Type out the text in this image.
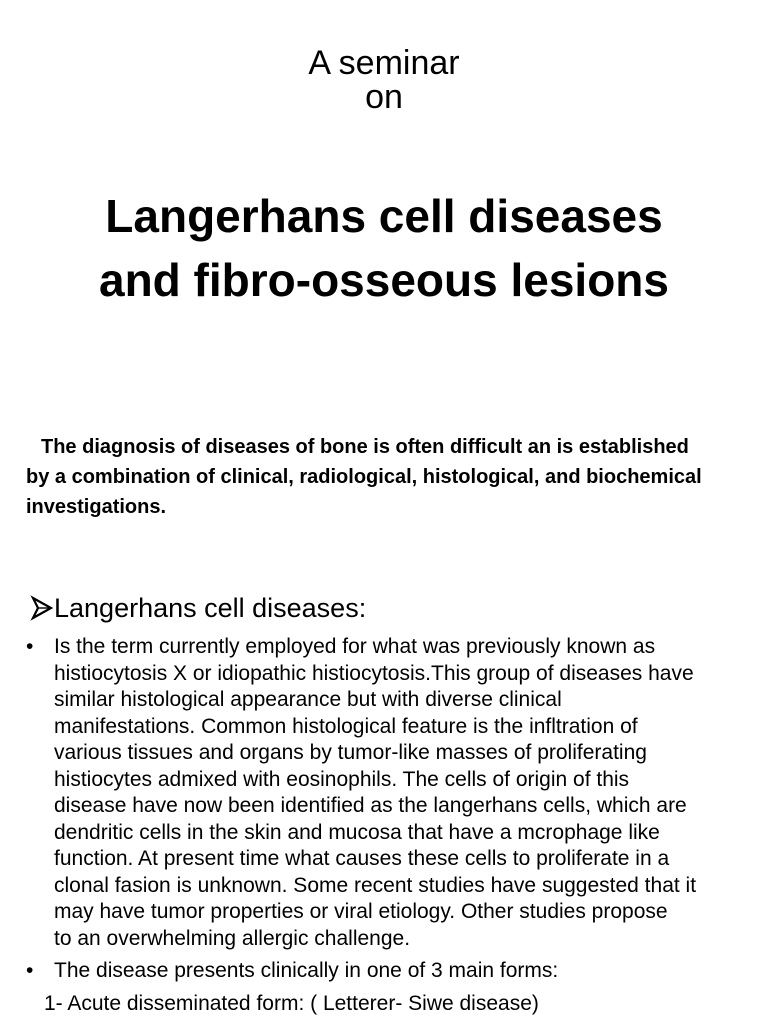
A seminar
on
Langerhans cell diseases
and fibro-osseous lesions
The diagnosis of diseases of bone is often difficult an is established
by a combination of clinical, radiological, histological, and biochemical
investigations.
Langerhans cell diseases:
• Is the term currently employed for what was previously known as
histiocytosis X or idiopathic histiocytosis.This group of diseases have
similar histological appearance but with diverse clinical
manifestations. Common histological feature is the infltration of
various tissues and organs by tumor-like masses of proliferating
histiocytes admixed with eosinophils. The cells of origin of this
disease have now been identified as the langerhans cells, which are
dendritic cells in the skin and mucosa that have a mcrophage like
function. At present time what causes these cells to proliferate in a
clonal fasion is unknown. Some recent studies have suggested that it
may have tumor properties or viral etiology. Other studies propose
to an overwhelming allergic challenge.
• The disease presents clinically in one of 3 main forms:
1- Acute disseminated form: ( Letterer- Siwe disease)
